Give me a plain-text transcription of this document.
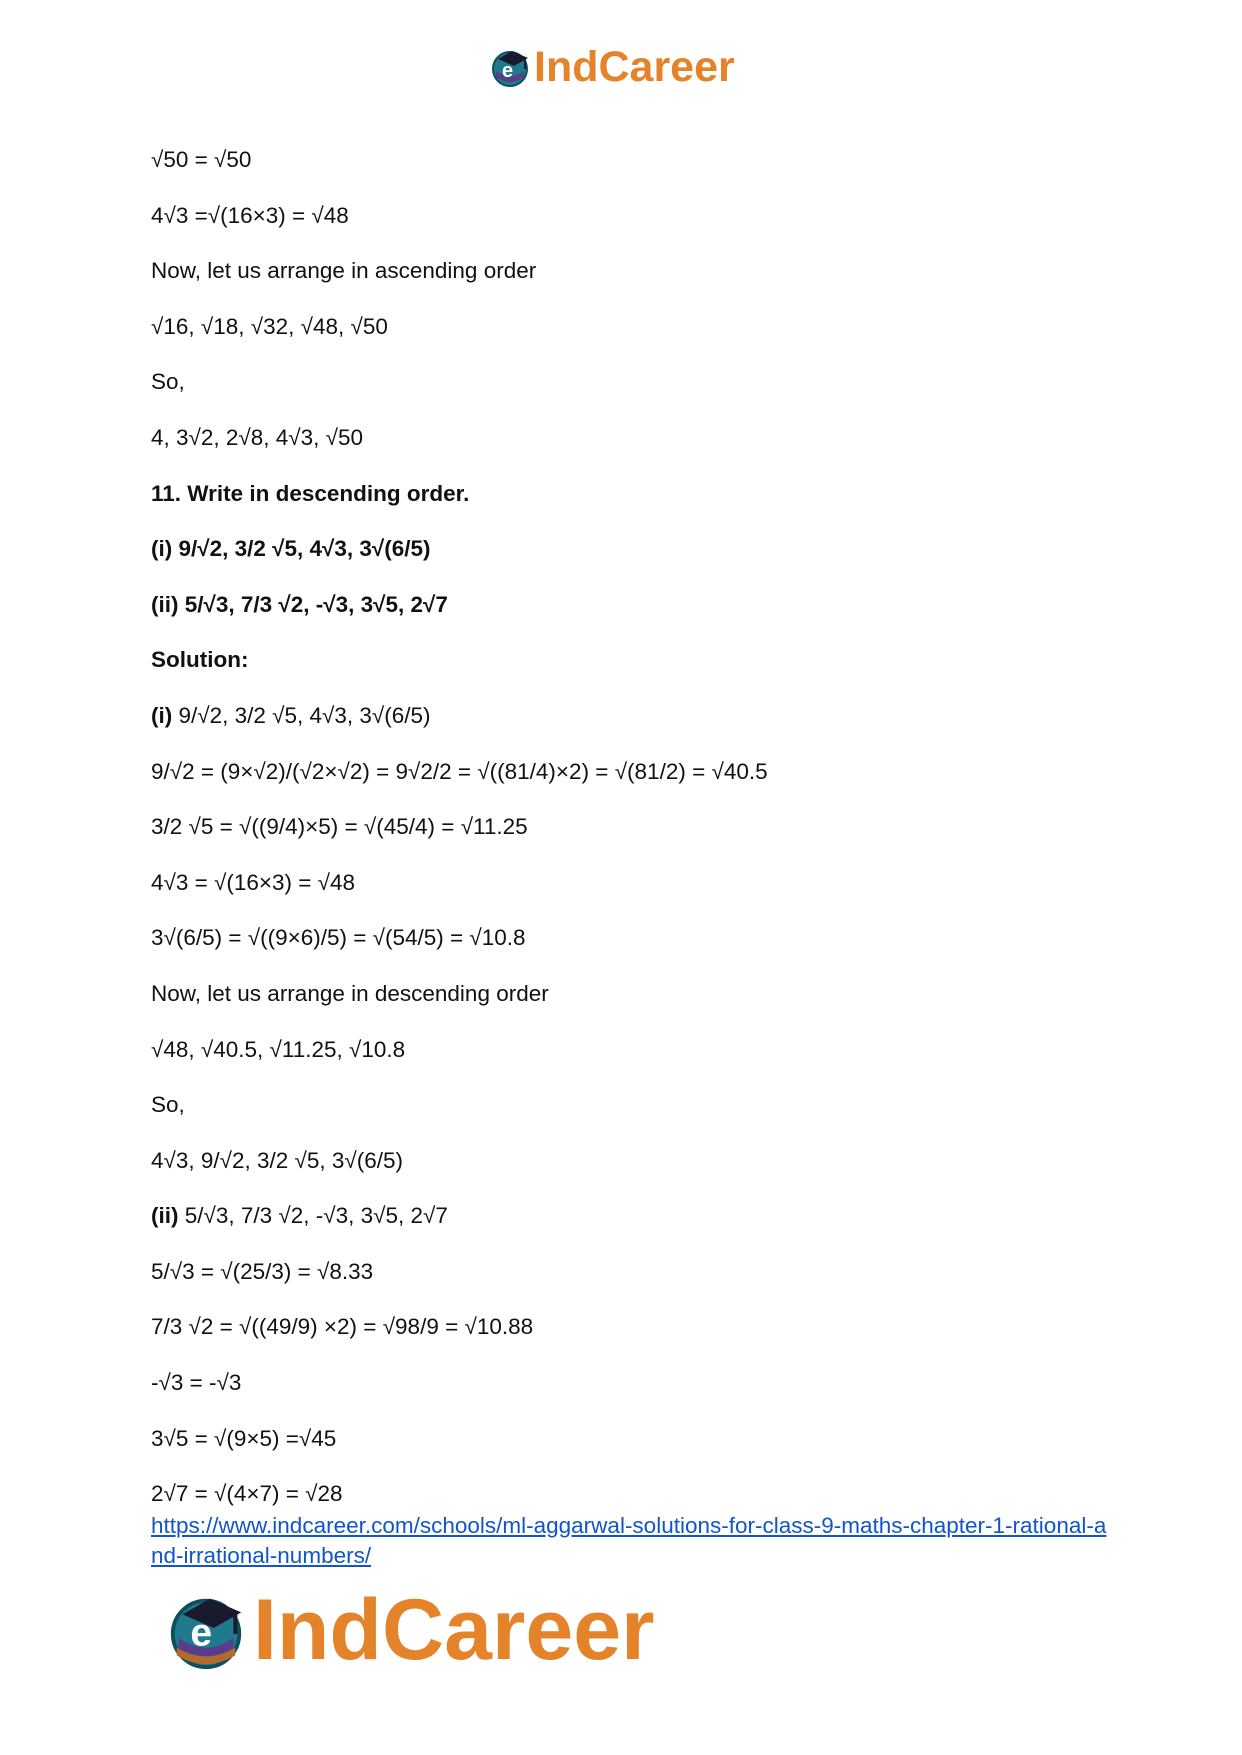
e IndCareer

√50 = √50

4√3 =√(16×3) = √48

Now, let us arrange in ascending order

√16, √18, √32, √48, √50

So,

4, 3√2, 2√8, 4√3, √50

11. Write in descending order.

(i) 9/√2, 3/2 √5, 4√3, 3√(6/5)

(ii) 5/√3, 7/3 √2, -√3, 3√5, 2√7

Solution:

(i) 9/√2, 3/2 √5, 4√3, 3√(6/5)

9/√2 = (9×√2)/(√2×√2) = 9√2/2 = √((81/4)×2) = √(81/2) = √40.5

3/2 √5 = √((9/4)×5) = √(45/4) = √11.25

4√3 = √(16×3) = √48

3√(6/5) = √((9×6)/5) = √(54/5) = √10.8

Now, let us arrange in descending order

√48, √40.5, √11.25, √10.8

So,

4√3, 9/√2, 3/2 √5, 3√(6/5)

(ii) 5/√3, 7/3 √2, -√3, 3√5, 2√7

5/√3 = √(25/3) = √8.33

7/3 √2 = √((49/9) ×2) = √98/9 = √10.88

-√3 = -√3

3√5 = √(9×5) =√45

2√7 = √(4×7) = √28

https://www.indcareer.com/schools/ml-aggarwal-solutions-for-class-9-maths-chapter-1-rational-and-irrational-numbers/
e IndCareer
